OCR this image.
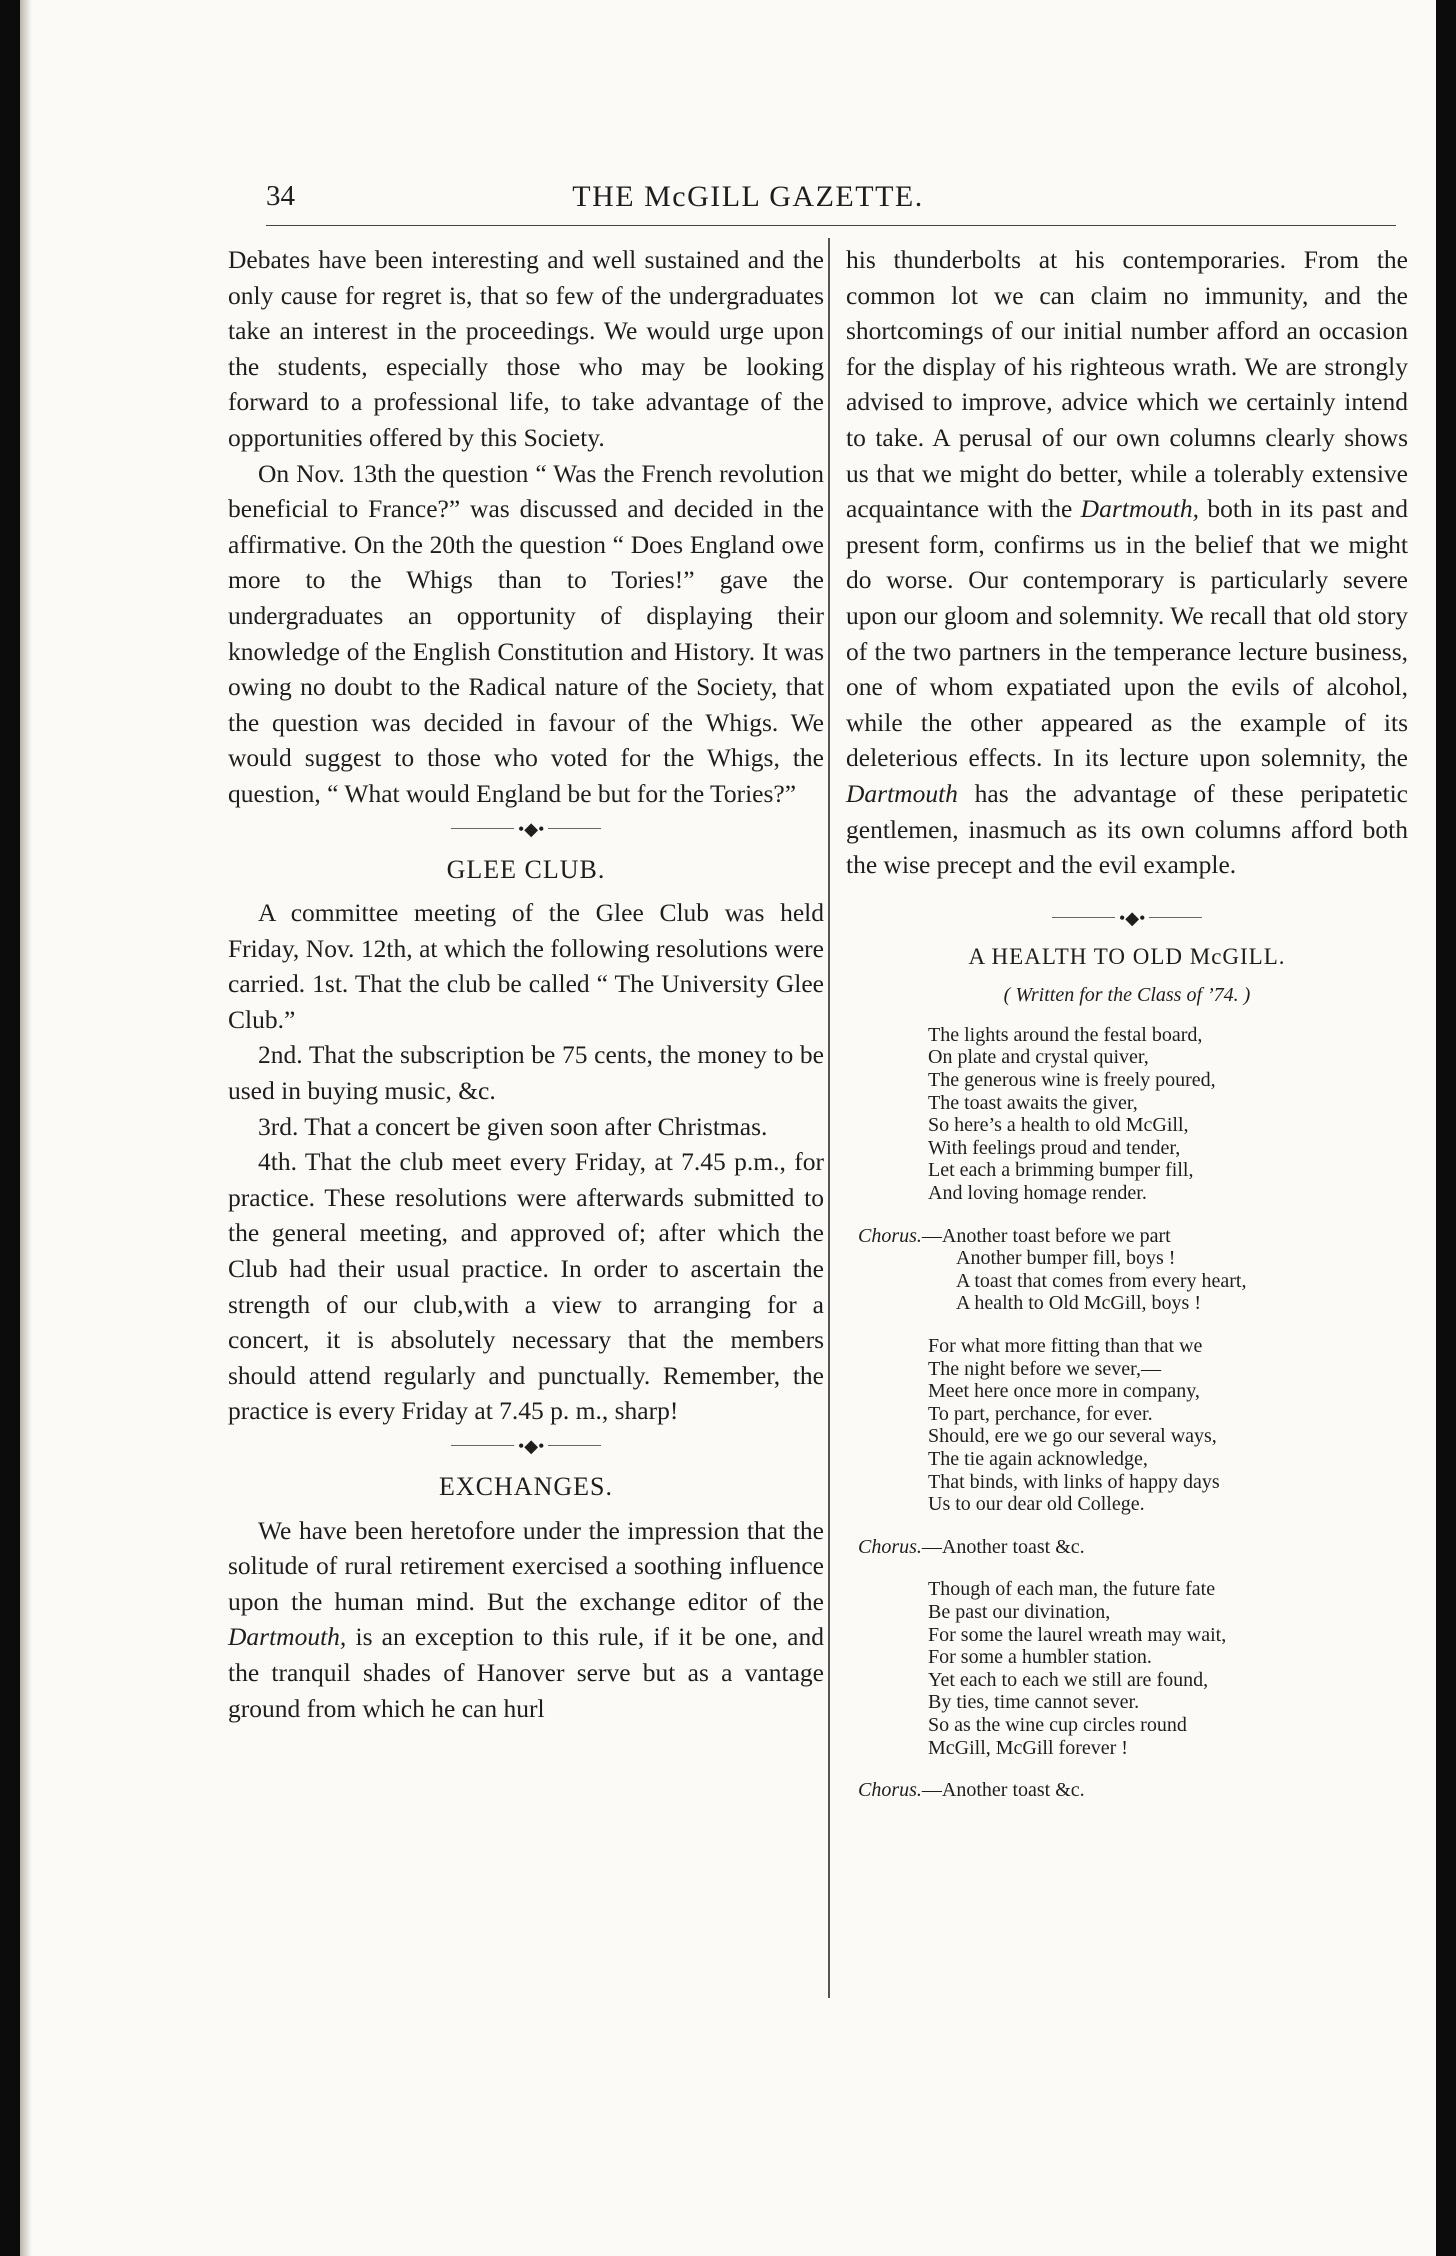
34	THE McGILL GAZETTE.

Debates have been interesting and well sustained and the only cause for regret is, that so few of the undergraduates take an interest in the proceedings. We would urge upon the students, especially those who may be looking forward to a professional life, to take advantage of the opportunities offered by this Society.

On Nov. 13th the question “ Was the French revolution beneficial to France?” was discussed and decided in the affirmative. On the 20th the question “ Does England owe more to the Whigs than to Tories!” gave the undergraduates an opportunity of displaying their knowledge of the English Constitution and History. It was owing no doubt to the Radical nature of the Society, that the question was decided in favour of the Whigs. We would suggest to those who voted for the Whigs, the question, “ What would England be but for the Tories?”

•◆•
GLEE CLUB.

A committee meeting of the Glee Club was held Friday, Nov. 12th, at which the following resolutions were carried. 1st. That the club be called “ The University Glee Club.”

2nd. That the subscription be 75 cents, the money to be used in buying music, &c.

3rd. That a concert be given soon after Christmas.

4th. That the club meet every Friday, at 7.45 p.m., for practice. These resolutions were afterwards submitted to the general meeting, and approved of; after which the Club had their usual practice. In order to ascertain the strength of our club,with a view to arranging for a concert, it is absolutely necessary that the members should attend regularly and punctually. Remember, the practice is every Friday at 7.45 p. m., sharp!

•◆•
EXCHANGES.

We have been heretofore under the impression that the solitude of rural retirement exercised a soothing influence upon the human mind. But the exchange editor of the Dartmouth, is an exception to this rule, if it be one, and the tranquil shades of Hanover serve but as a vantage ground from which he can hurl

his thunderbolts at his contemporaries. From the common lot we can claim no immunity, and the shortcomings of our initial number afford an occasion for the display of his righteous wrath. We are strongly advised to improve, advice which we certainly intend to take. A perusal of our own columns clearly shows us that we might do better, while a tolerably extensive acquaintance with the Dartmouth, both in its past and present form, confirms us in the belief that we might do worse. Our contemporary is particularly severe upon our gloom and solemnity. We recall that old story of the two partners in the temperance lecture business, one of whom expatiated upon the evils of alcohol, while the other appeared as the example of its deleterious effects. In its lecture upon solemnity, the Dartmouth has the advantage of these peripatetic gentlemen, inasmuch as its own columns afford both the wise precept and the evil example.

•◆•
A HEALTH TO OLD McGILL.
( Written for the Class of ’74. )
The lights around the festal board,
On plate and crystal quiver,
The generous wine is freely poured,
The toast awaits the giver,
So here’s a health to old McGill,
With feelings proud and tender,
Let each a brimming bumper fill,
And loving homage render.
Chorus.—Another toast before we part
Another bumper fill, boys !
A toast that comes from every heart,
A health to Old McGill, boys !
For what more fitting than that we
The night before we sever,—
Meet here once more in company,
To part, perchance, for ever.
Should, ere we go our several ways,
The tie again acknowledge,
That binds, with links of happy days
Us to our dear old College.
Chorus.—Another toast &c.
Though of each man, the future fate
Be past our divination,
For some the laurel wreath may wait,
For some a humbler station.
Yet each to each we still are found,
By ties, time cannot sever.
So as the wine cup circles round
McGill, McGill forever !
Chorus.—Another toast &c.
